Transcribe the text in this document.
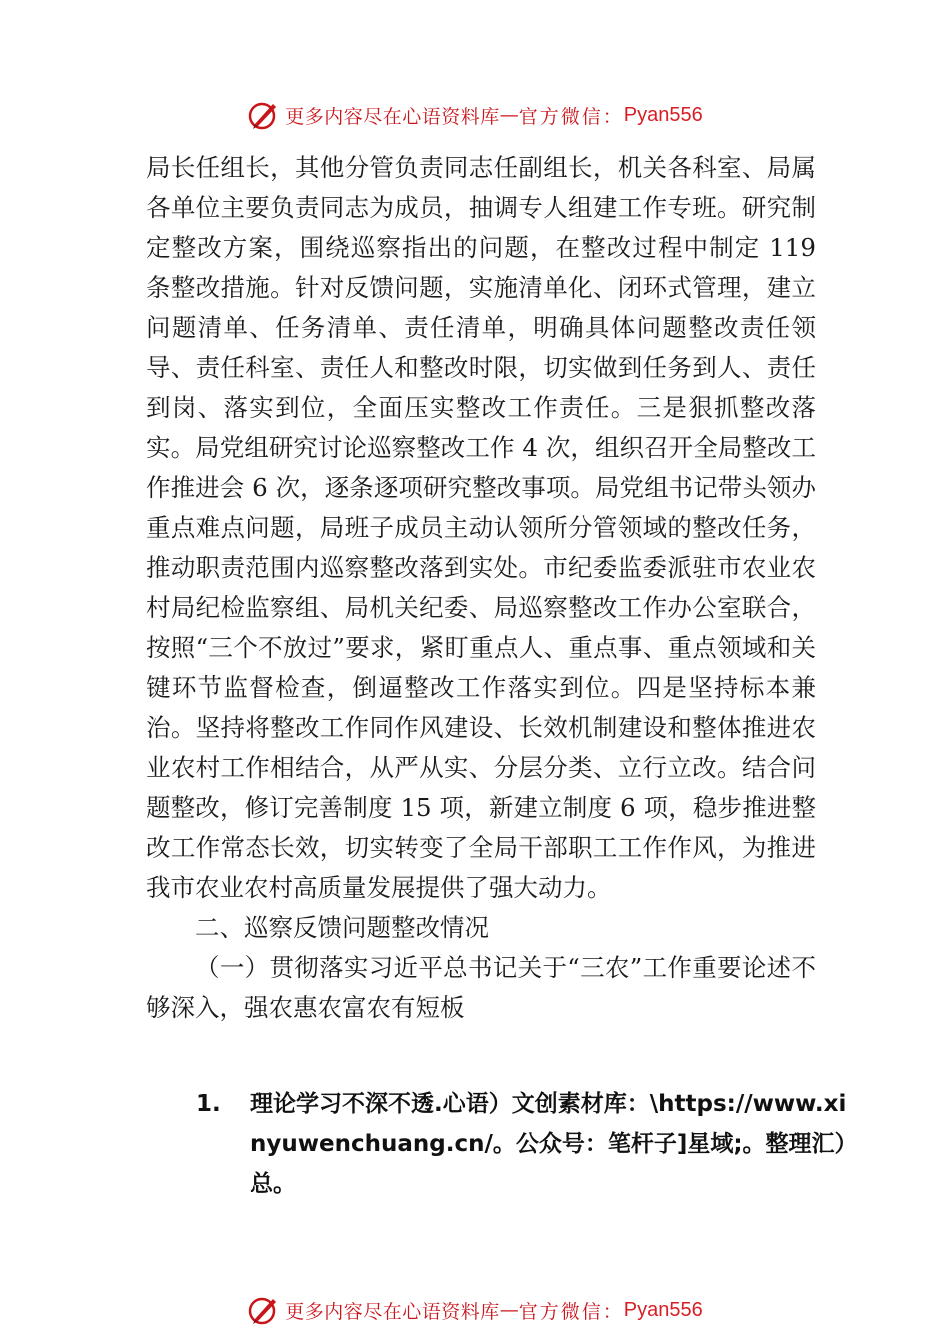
更多内容尽在心语资料库 — 官方微信： Pyan556

局长任组长，其他分管负责同志任副组长，机关各科室、局属各单位主要负责同志为成员，抽调专人组建工作专班。研究制定整改方案，围绕巡察指出的问题，在整改过程中制定 119 条整改措施。针对反馈问题，实施清单化、闭环式管理，建立问题清单、任务清单、责任清单，明确具体问题整改责任领导、责任科室、责任人和整改时限，切实做到任务到人、责任到岗、落实到位，全面压实整改工作责任。三是狠抓整改落实。局党组研究讨论巡察整改工作 4 次，组织召开全局整改工作推进会 6 次，逐条逐项研究整改事项。局党组书记带头领办重点难点问题，局班子成员主动认领所分管领域的整改任务，推动职责范围内巡察整改落到实处。市纪委监委派驻市农业农村局纪检监察组、局机关纪委、局巡察整改工作办公室联合，按照“三个不放过”要求，紧盯重点人、重点事、重点领域和关键环节监督检查，倒逼整改工作落实到位。四是坚持标本兼治。坚持将整改工作同作风建设、长效机制建设和整体推进农业农村工作相结合，从严从实、分层分类、立行立改。结合问题整改，修订完善制度 15 项，新建立制度 6 项，稳步推进整改工作常态长效，切实转变了全局干部职工工作作风，为推进我市农业农村高质量发展提供了强大动力。

二、巡察反馈问题整改情况

（一）贯彻落实习近平总书记关于“三农”工作重要论述不够深入，强农惠农富农有短板

1.	理论学习不深不透.心语）文创素材库：\https://www.xinyuwenchuang.cn/。公众号：笔杆子]星域;。整理汇）总。
更多内容尽在心语资料库 — 官方微信： Pyan556
